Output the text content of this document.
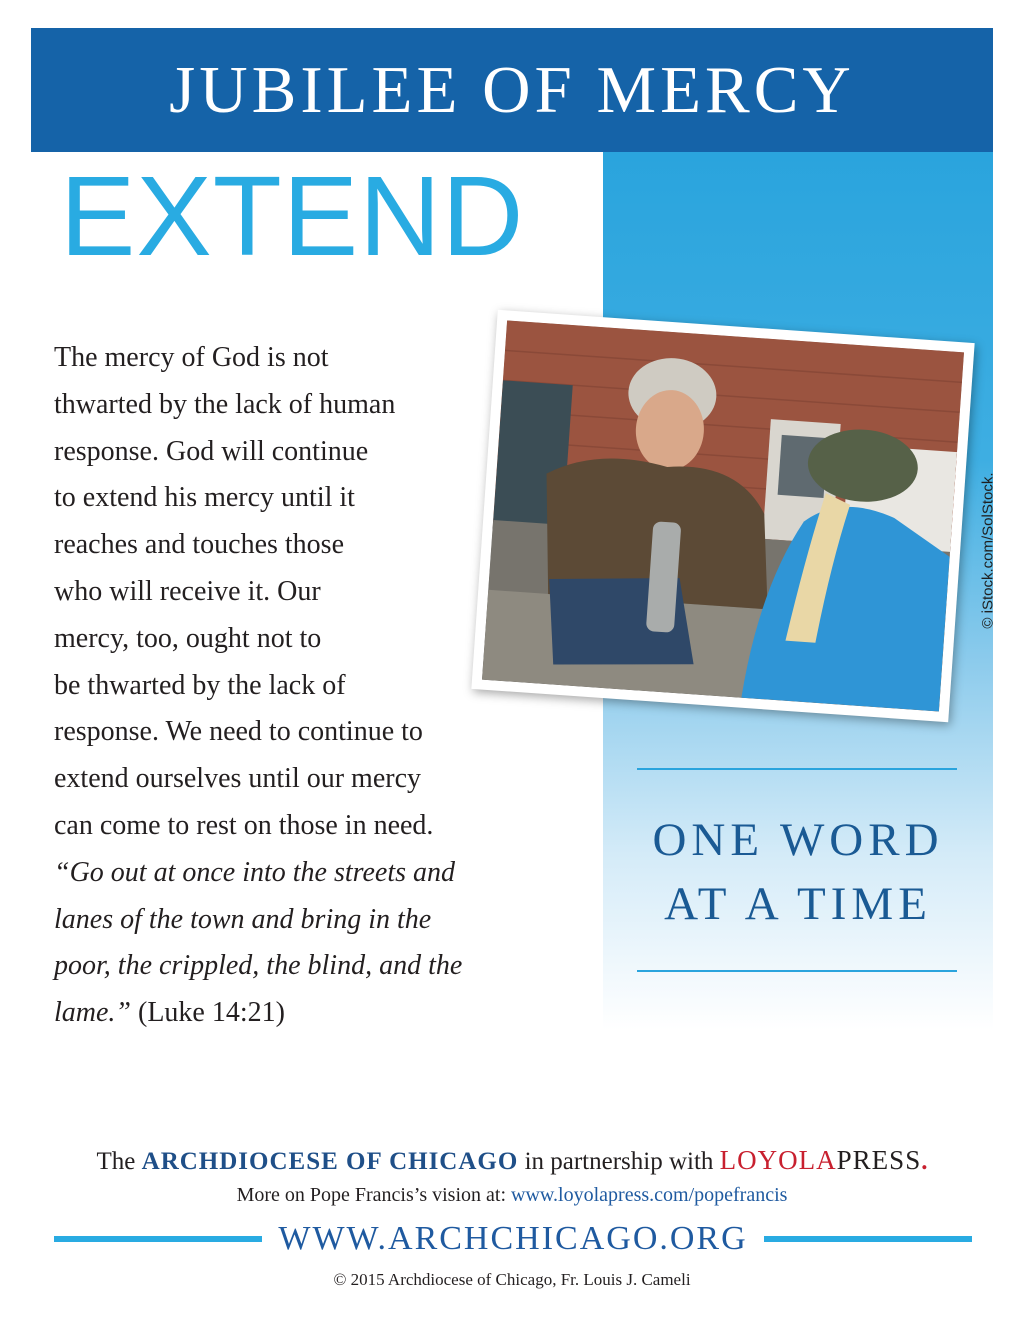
JUBILEE OF MERCY
EXTEND
The mercy of God is not
thwarted by the lack of human
response. God will continue
to extend his mercy until it
reaches and touches those
who will receive it. Our
mercy, too, ought not to
be thwarted by the lack of
response. We need to continue to
extend ourselves until our mercy
can come to rest on those in need.
“Go out at once into the streets and
lanes of the town and bring in the
poor, the crippled, the blind, and the
lame.” (Luke 14:21)
© iStock.com/SolStock.
ONE WORD
AT A TIME
The ARCHDIOCESE OF CHICAGO in partnership with LOYOLAPRESS.
More on Pope Francis’s vision at: www.loyolapress.com/popefrancis
WWW.ARCHCHICAGO.ORG
© 2015 Archdiocese of Chicago, Fr. Louis J. Cameli
